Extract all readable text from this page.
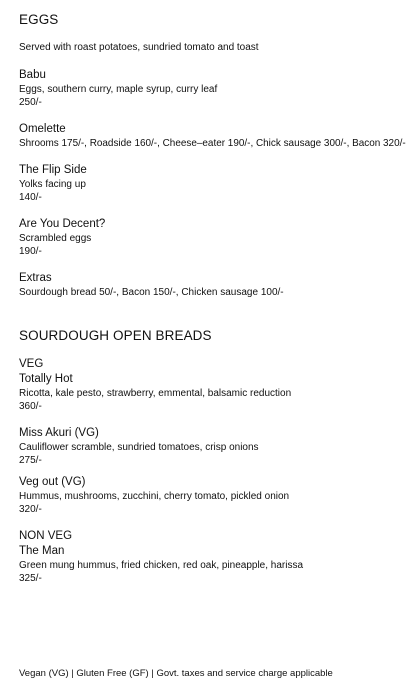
EGGS
Served with roast potatoes, sundried tomato and toast
Babu
Eggs, southern curry, maple syrup, curry leaf
250/-
Omelette
Shrooms 175/-, Roadside 160/-, Cheese–eater 190/-, Chick sausage 300/-, Bacon 320/-
The Flip Side
Yolks facing up
140/-
Are You Decent?
Scrambled eggs
190/-
Extras
Sourdough bread 50/-, Bacon 150/-, Chicken sausage 100/-
SOURDOUGH OPEN BREADS
VEG
Totally Hot
Ricotta, kale pesto, strawberry, emmental, balsamic reduction
360/-
Miss Akuri (VG)
Cauliflower scramble, sundried tomatoes, crisp onions
275/-
Veg out (VG)
Hummus, mushrooms, zucchini, cherry tomato, pickled onion
320/-
NON VEG
The Man
Green mung hummus, fried chicken, red oak, pineapple, harissa
325/-
Vegan (VG) | Gluten Free (GF) | Govt. taxes and service charge applicable
